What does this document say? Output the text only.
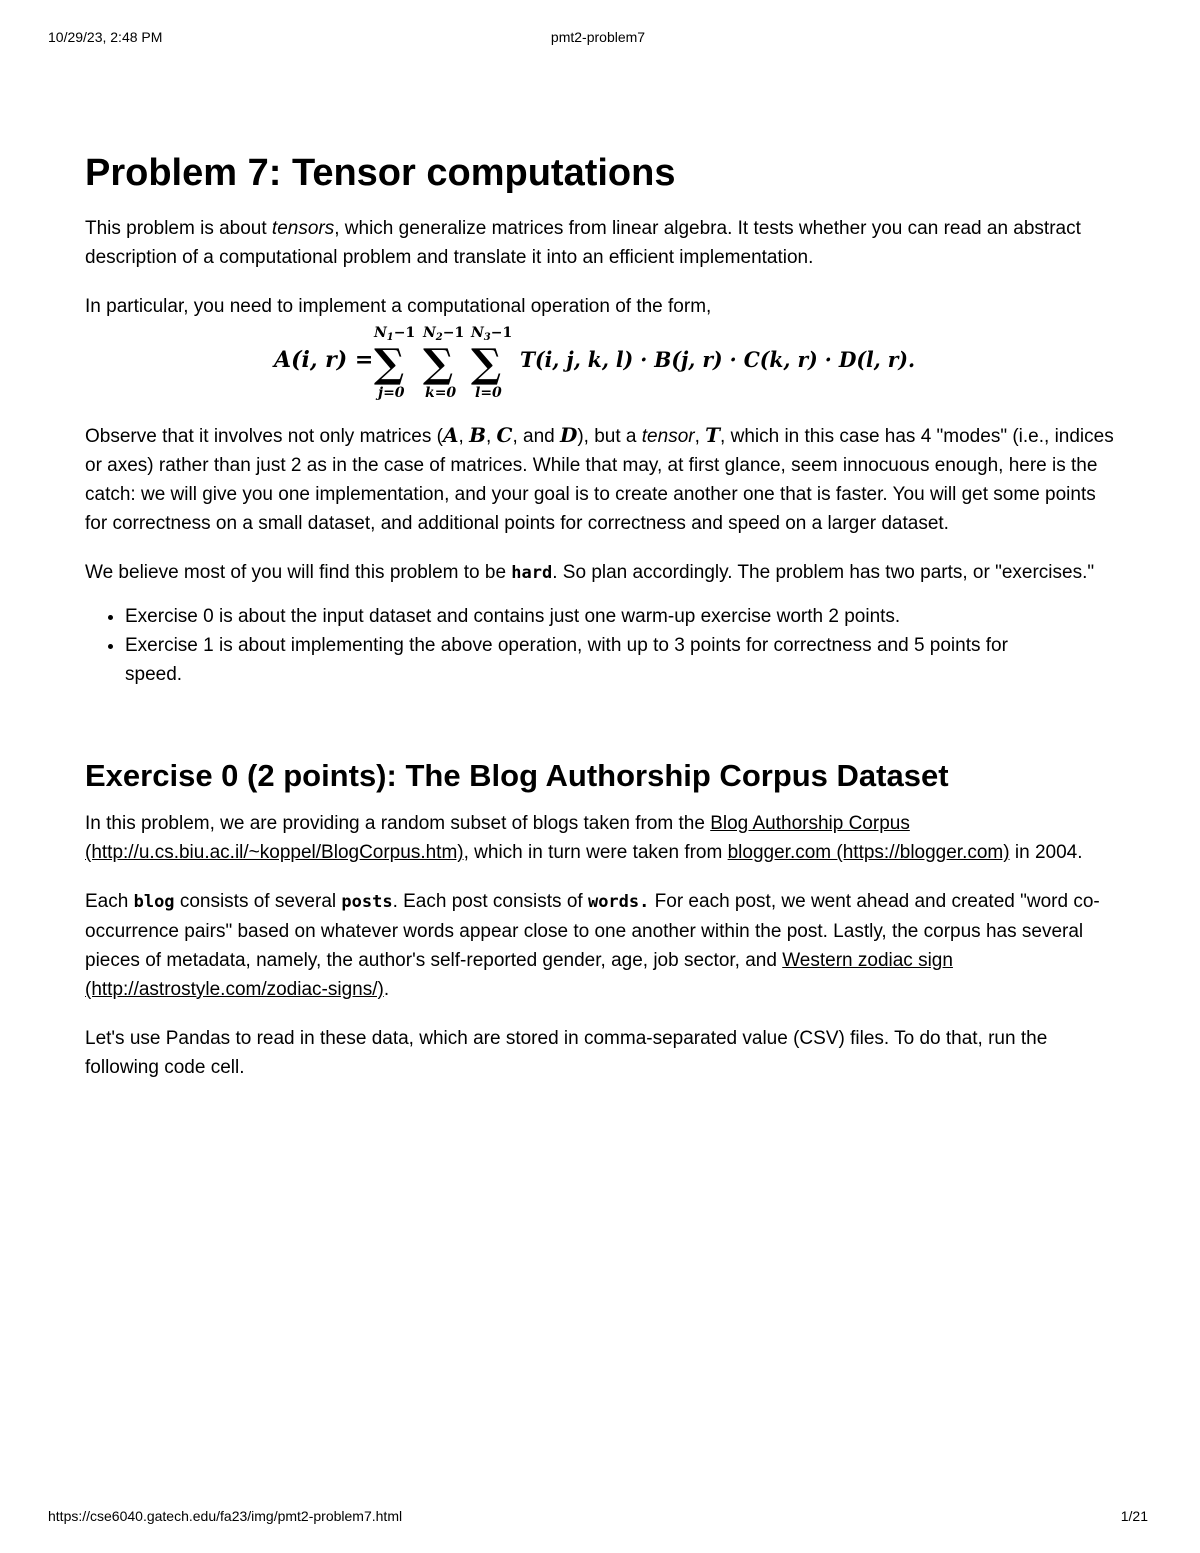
10/29/23, 2:48 PM	pmt2-problem7
Problem 7: Tensor computations

This problem is about tensors, which generalize matrices from linear algebra. It tests whether you can read an abstract description of a computational problem and translate it into an efficient implementation.

In particular, you need to implement a computational operation of the form,

A(i, r) =
$N_1-1$
∑
j=0
$N_2-1$
∑
k=0
$N_3-1$
∑
l=0
T(i, j, k, l) · B(j, r) · C(k, r) · D(l, r).

Observe that it involves not only matrices (A, B, C, and D), but a tensor, T, which in this case has 4 "modes" (i.e., indices or axes) rather than just 2 as in the case of matrices. While that may, at first glance, seem innocuous enough, here is the catch: we will give you one implementation, and your goal is to create another one that is faster. You will get some points for correctness on a small dataset, and additional points for correctness and speed on a larger dataset.

We believe most of you will find this problem to be hard. So plan accordingly. The problem has two parts, or "exercises."

• Exercise 0 is about the input dataset and contains just one warm-up exercise worth 2 points.
• Exercise 1 is about implementing the above operation, with up to 3 points for correctness and 5 points for speed.
Exercise 0 (2 points): The Blog Authorship Corpus Dataset

In this problem, we are providing a random subset of blogs taken from the Blog Authorship Corpus (http://u.cs.biu.ac.il/~koppel/BlogCorpus.htm), which in turn were taken from blogger.com (https://blogger.com) in 2004.

Each blog consists of several posts. Each post consists of words. For each post, we went ahead and created "word co-occurrence pairs" based on whatever words appear close to one another within the post. Lastly, the corpus has several pieces of metadata, namely, the author's self-reported gender, age, job sector, and Western zodiac sign (http://astrostyle.com/zodiac-signs/).

Let's use Pandas to read in these data, which are stored in comma-separated value (CSV) files. To do that, run the following code cell.

https://cse6040.gatech.edu/fa23/img/pmt2-problem7.html	1/21
